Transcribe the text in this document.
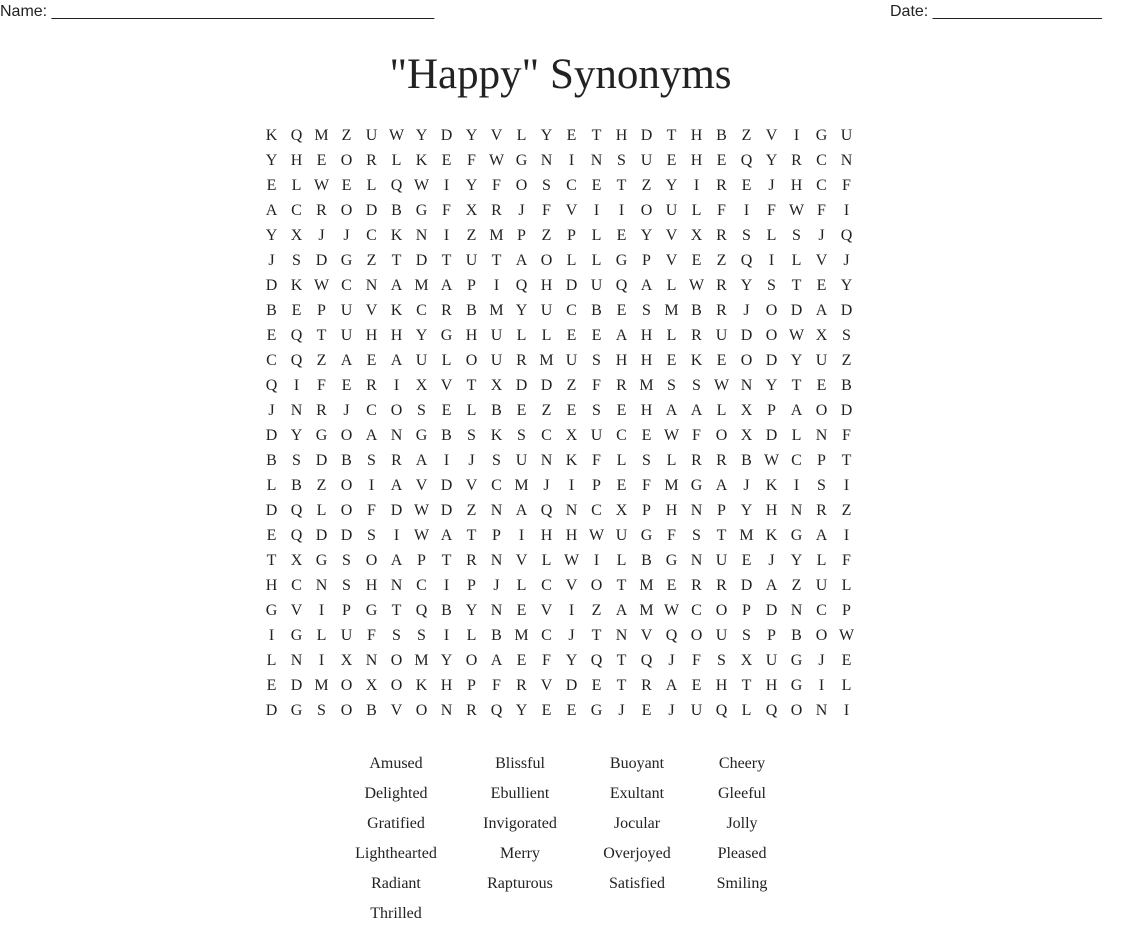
Name: ___________________________________________	Date: ___________________
"Happy" Synonyms
K Q M Z U W Y D Y V L Y E T H D T H B Z V	I	G U
Y H E O R L K E F W G N	I	N S U E H E Q Y R C N
E L W E L Q W I	Y F O S C E T Z Y	I	R E	J	H C F
A C R O D B G F X R	J	F V	I	I	O U L F	I	F W F	I
Y X	J	J	C K N	I	Z M P Z P L E Y V X R S L S	J	Q
J	S D G Z T D T U T A O L L G P V E Z Q	I	L V	J
D K W C N A M A P	I	Q H D U Q A L W R Y S T E Y
B E P U V K C R B M Y U C B E S M B R	J	O D A D
E Q T U H H Y G H U L L E E A H L R U D O W X S
C Q Z A E A U L O U R M U S H H E K E O D Y U Z
Q	I	F E R	I	X V T X D D Z F R M S	S W N Y T E B
J	N R	J	C O S E L B E Z E S E H A A L X P A O D
D Y G O A N G B S K S C X U C E W F O X D L N F
B S D B S R A	I	J	S U N K F L S L R R B W C P T
L B Z O	I	A V D V C M J	I	P E F M G A	J	K	I	S	I
D Q L O F D W D Z N A Q N C X P H N P Y H N R Z
E Q D D S	I W A T P	I	H H W U G F	S T M K G A	I
T X G S O A P T R N V L W I	L B G N U E	J	Y L F
H C N S H N C	I	P	J	L C V O T M E R R D A Z U L
G V	I	P G T Q B Y N E V	I	Z A M W C O P D N C P
I	G L U F	S	S	I	L B M C	J	T N V Q O U S	P B O W
L N	I	X N O M Y O A E F Y Q T Q	J	F	S X U G	J	E
E D M O X O K H P	F R V D E T R A E H T H G	I	L
D G S O B V O N R Q Y E E G	J	E	J	U Q L Q O N	I
Amused	Blissful	Buoyant	Cheery
Delighted	Ebullient	Exultant	Gleeful
Gratified	Invigorated	Jocular	Jolly
Lighthearted	Merry	Overjoyed	Pleased
Radiant	Rapturous	Satisfied	Smiling
Thrilled
